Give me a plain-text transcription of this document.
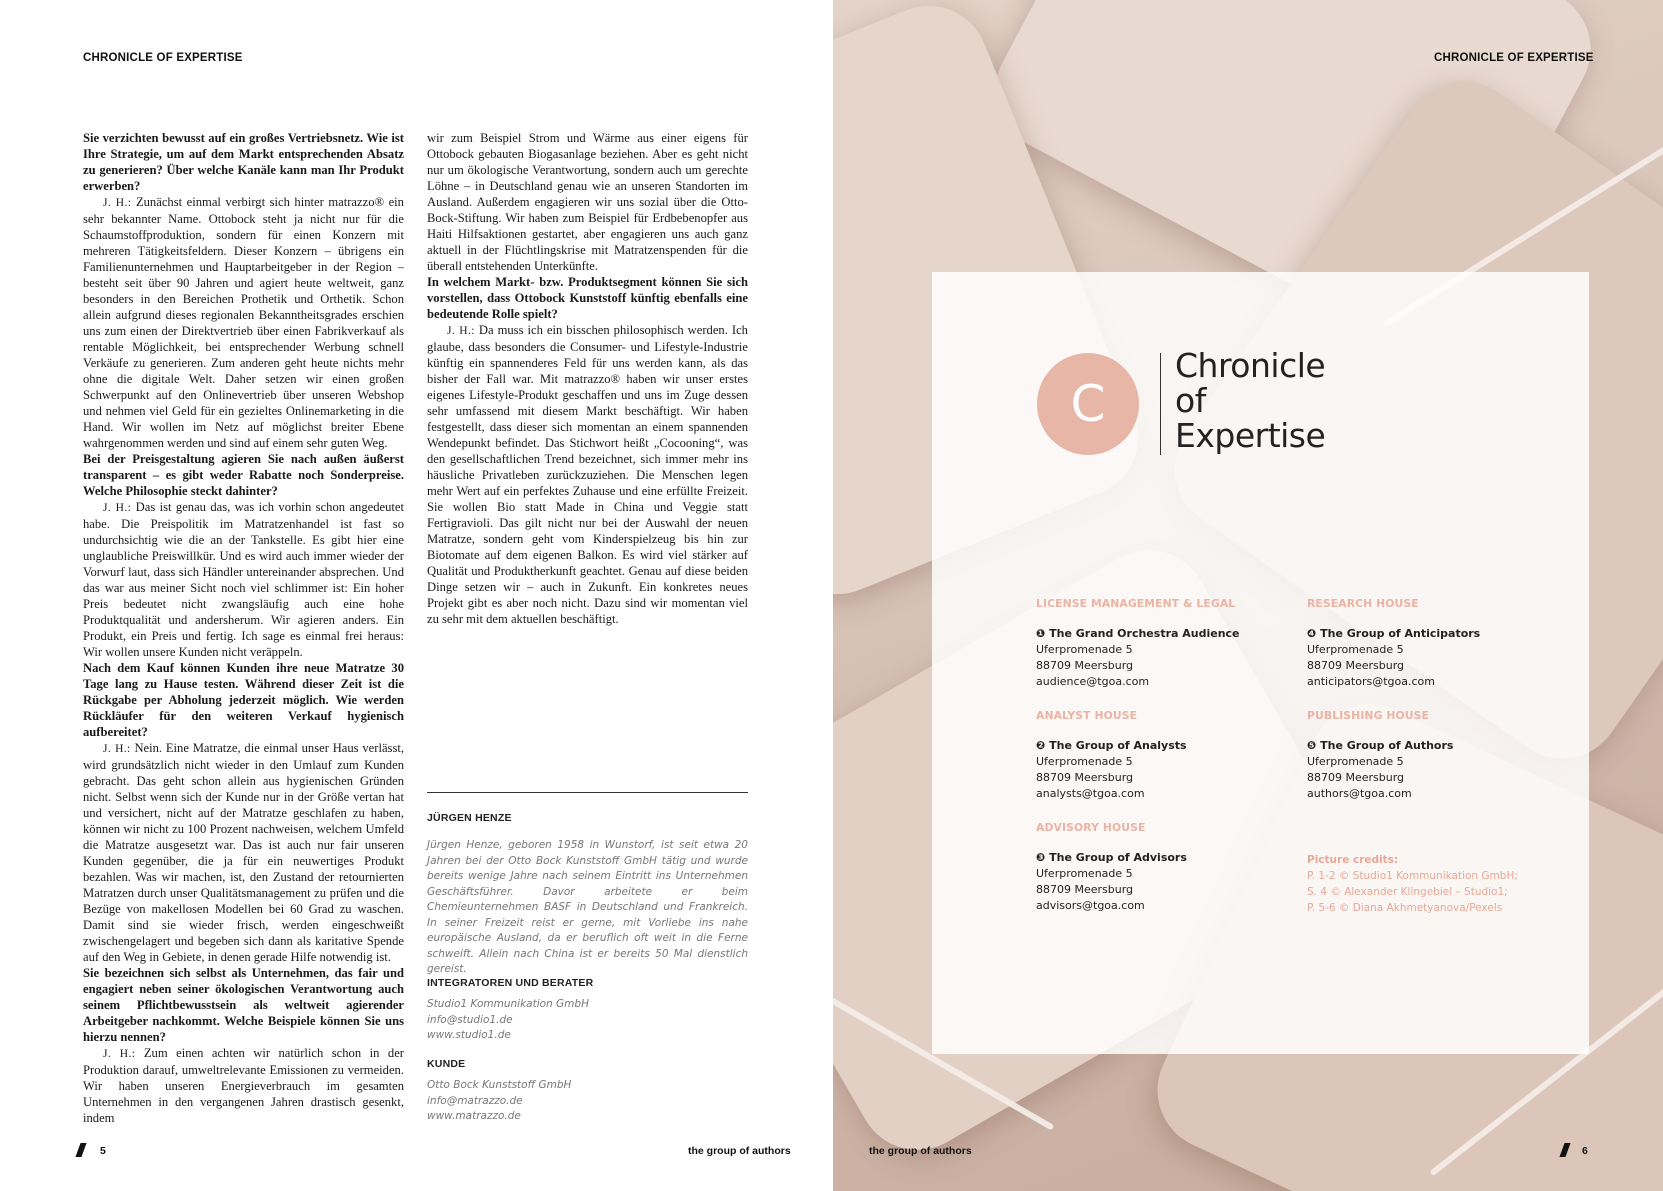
CHRONICLE OF EXPERTISE

Sie verzichten bewusst auf ein großes Vertriebsnetz. Wie ist Ihre Strategie, um auf dem Markt entsprechenden Absatz zu generieren? Über welche Kanäle kann man Ihr Produkt erwerben?

J. H.: Zunächst einmal verbirgt sich hinter matrazzo® ein sehr bekannter Name. Ottobock steht ja nicht nur für die Schaumstoffproduktion, sondern für einen Konzern mit mehreren Tätigkeitsfeldern. Dieser Konzern – übrigens ein Familienunternehmen und Hauptarbeitgeber in der Region – besteht seit über 90 Jahren und agiert heute weltweit, ganz besonders in den Bereichen Prothetik und Orthetik. Schon allein aufgrund dieses regionalen Bekanntheitsgrades erschien uns zum einen der Direktvertrieb über einen Fabrikverkauf als rentable Möglichkeit, bei entsprechender Werbung schnell Verkäufe zu generieren. Zum anderen geht heute nichts mehr ohne die digitale Welt. Daher setzen wir einen großen Schwerpunkt auf den Onlinevertrieb über unseren Webshop und nehmen viel Geld für ein gezieltes Onlinemarketing in die Hand. Wir wollen im Netz auf möglichst breiter Ebene wahrgenommen werden und sind auf einem sehr guten Weg.

Bei der Preisgestaltung agieren Sie nach außen äußerst transparent – es gibt weder Rabatte noch Sonderpreise. Welche Philosophie steckt dahinter?

J. H.: Das ist genau das, was ich vorhin schon angedeutet habe. Die Preispolitik im Matratzenhandel ist fast so undurchsichtig wie die an der Tankstelle. Es gibt hier eine unglaubliche Preiswillkür. Und es wird auch immer wieder der Vorwurf laut, dass sich Händler untereinander absprechen. Und das war aus meiner Sicht noch viel schlimmer ist: Ein hoher Preis bedeutet nicht zwangsläufig auch eine hohe Produktqualität und andersherum. Wir agieren anders. Ein Produkt, ein Preis und fertig. Ich sage es einmal frei heraus: Wir wollen unsere Kunden nicht veräppeln.

Nach dem Kauf können Kunden ihre neue Matratze 30 Tage lang zu Hause testen. Während dieser Zeit ist die Rückgabe per Abholung jederzeit möglich. Wie werden Rückläufer für den weiteren Verkauf hygienisch aufbereitet?

J. H.: Nein. Eine Matratze, die einmal unser Haus verlässt, wird grundsätzlich nicht wieder in den Umlauf zum Kunden gebracht. Das geht schon allein aus hygienischen Gründen nicht. Selbst wenn sich der Kunde nur in der Größe vertan hat und versichert, nicht auf der Matratze geschlafen zu haben, können wir nicht zu 100 Prozent nachweisen, welchem Umfeld die Matratze ausgesetzt war. Das ist auch nur fair unseren Kunden gegenüber, die ja für ein neuwertiges Produkt bezahlen. Was wir machen, ist, den Zustand der retournierten Matratzen durch unser Qualitätsmanagement zu prüfen und die Bezüge von makellosen Modellen bei 60 Grad zu waschen. Damit sind sie wieder frisch, werden eingeschweißt zwischengelagert und begeben sich dann als karitative Spende auf den Weg in Gebiete, in denen gerade Hilfe notwendig ist.

Sie bezeichnen sich selbst als Unternehmen, das fair und engagiert neben seiner ökologischen Verantwortung auch seinem Pflichtbewusstsein als weltweit agierender Arbeitgeber nachkommt. Welche Beispiele können Sie uns hierzu nennen?

J. H.: Zum einen achten wir natürlich schon in der Produktion darauf, umweltrelevante Emissionen zu vermeiden. Wir haben unseren Energieverbrauch im gesamten Unternehmen in den vergangenen Jahren drastisch gesenkt, indem

wir zum Beispiel Strom und Wärme aus einer eigens für Ottobock gebauten Biogasanlage beziehen. Aber es geht nicht nur um ökologische Verantwortung, sondern auch um gerechte Löhne – in Deutschland genau wie an unseren Standorten im Ausland. Außerdem engagieren wir uns sozial über die Otto-Bock-Stiftung. Wir haben zum Beispiel für Erdbebenopfer aus Haiti Hilfsaktionen gestartet, aber engagieren uns auch ganz aktuell in der Flüchtlingskrise mit Matratzenspenden für die überall entstehenden Unterkünfte.

In welchem Markt- bzw. Produktsegment können Sie sich vorstellen, dass Ottobock Kunststoff künftig ebenfalls eine bedeutende Rolle spielt?

J. H.: Da muss ich ein bisschen philosophisch werden. Ich glaube, dass besonders die Consumer- und Lifestyle-Industrie künftig ein spannenderes Feld für uns werden kann, als das bisher der Fall war. Mit matrazzo® haben wir unser erstes eigenes Lifestyle-Produkt geschaffen und uns im Zuge dessen sehr umfassend mit diesem Markt beschäftigt. Wir haben festgestellt, dass dieser sich momentan an einem spannenden Wendepunkt befindet. Das Stichwort heißt „Cocooning“, was den gesellschaftlichen Trend bezeichnet, sich immer mehr ins häusliche Privatleben zurückzuziehen. Die Menschen legen mehr Wert auf ein perfektes Zuhause und eine erfüllte Freizeit. Sie wollen Bio statt Made in China und Veggie statt Fertigravioli. Das gilt nicht nur bei der Auswahl der neuen Matratze, sondern geht vom Kinderspielzeug bis hin zur Biotomate auf dem eigenen Balkon. Es wird viel stärker auf Qualität und Produktherkunft geachtet. Genau auf diese beiden Dinge setzen wir – auch in Zukunft. Ein konkretes neues Projekt gibt es aber noch nicht. Dazu sind wir momentan viel zu sehr mit dem aktuellen beschäftigt.

JÜRGEN HENZE
Jürgen Henze, geboren 1958 in Wunstorf, ist seit etwa 20 Jahren bei der Otto Bock Kunststoff GmbH tätig und wurde bereits wenige Jahre nach seinem Eintritt ins Unternehmen Geschäftsführer. Davor arbeitete er beim Chemieunternehmen BASF in Deutschland und Frankreich. In seiner Freizeit reist er gerne, mit Vorliebe ins nahe europäische Ausland, da er beruflich oft weit in die Ferne schweift. Allein nach China ist er bereits 50 Mal dienstlich gereist.
INTEGRATOREN UND BERATER
Studio1 Kommunikation GmbH
info@studio1.de
www.studio1.de
KUNDE
Otto Bock Kunststoff GmbH
info@matrazzo.de
www.matrazzo.de
5	the group of authors
CHRONICLE OF EXPERTISE
C
Chronicle
of
Expertise
LICENSE MANAGEMENT & LEGAL
❶ The Grand Orchestra Audience
Uferpromenade 5
88709 Meersburg
audience@tgoa.com
ANALYST HOUSE
❷ The Group of Analysts
Uferpromenade 5
88709 Meersburg
analysts@tgoa.com
ADVISORY HOUSE
❸ The Group of Advisors
Uferpromenade 5
88709 Meersburg
advisors@tgoa.com
RESEARCH HOUSE
❹ The Group of Anticipators
Uferpromenade 5
88709 Meersburg
anticipators@tgoa.com
PUBLISHING HOUSE
❺ The Group of Authors
Uferpromenade 5
88709 Meersburg
authors@tgoa.com
Picture credits:
P. 1-2 © Studio1 Kommunikation GmbH;
S. 4 © Alexander Klingebiel – Studio1;
P. 5-6 © Diana Akhmetyanova/Pexels
the group of authors	6
